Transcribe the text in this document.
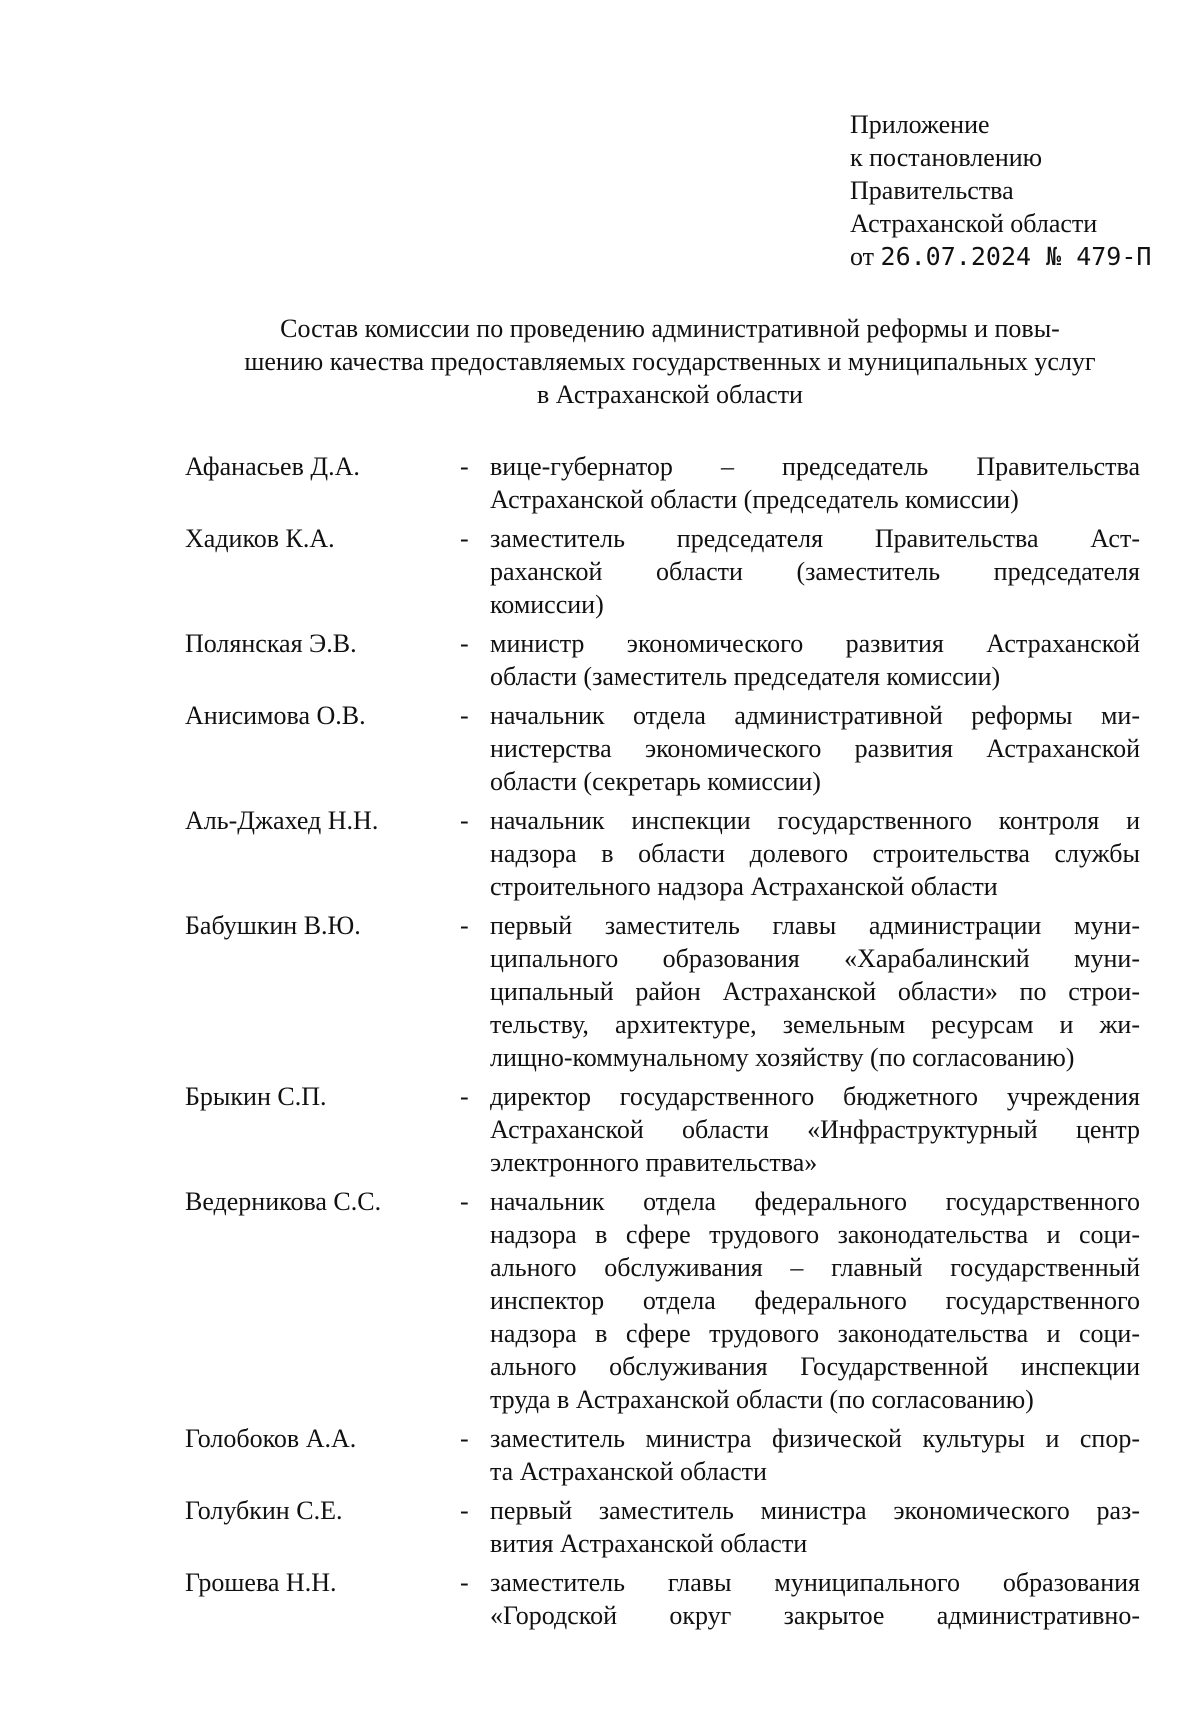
Приложение
к постановлению
Правительства
Астраханской области
от 26.07.2024 № 479-П
Состав комиссии по проведению административной реформы и повы-
шению качества предоставляемых государственных и муниципальных услуг
в Астраханской области
Афанасьев Д.А.	- вице-губернатор – председатель Правительства
Астраханской области (председатель комиссии)
Хадиков К.А.	- заместитель председателя Правительства Аст-
раханской области (заместитель председателя
комиссии)
Полянская Э.В.	- министр экономического развития Астраханской
области (заместитель председателя комиссии)
Анисимова О.В.	- начальник отдела административной реформы ми-
нистерства экономического развития Астраханской
области (секретарь комиссии)
Аль-Джахед Н.Н.	- начальник инспекции государственного контроля и
надзора в области долевого строительства службы
строительного надзора Астраханской области
Бабушкин В.Ю.	- первый заместитель главы администрации муни-
ципального образования «Харабалинский муни-
ципальный район Астраханской области» по строи-
тельству, архитектуре, земельным ресурсам и жи-
лищно-коммунальному хозяйству (по согласованию)
Брыкин С.П.	- директор государственного бюджетного учреждения
Астраханской области «Инфраструктурный центр
электронного правительства»
Ведерникова С.С.	- начальник отдела федерального государственного
надзора в сфере трудового законодательства и соци-
ального обслуживания – главный государственный
инспектор отдела федерального государственного
надзора в сфере трудового законодательства и соци-
ального обслуживания Государственной инспекции
труда в Астраханской области (по согласованию)
Голобоков А.А.	- заместитель министра физической культуры и спор-
та Астраханской области
Голубкин С.Е.	- первый заместитель министра экономического раз-
вития Астраханской области
Грошева Н.Н.	- заместитель главы муниципального образования
«Городской округ закрытое административно-
